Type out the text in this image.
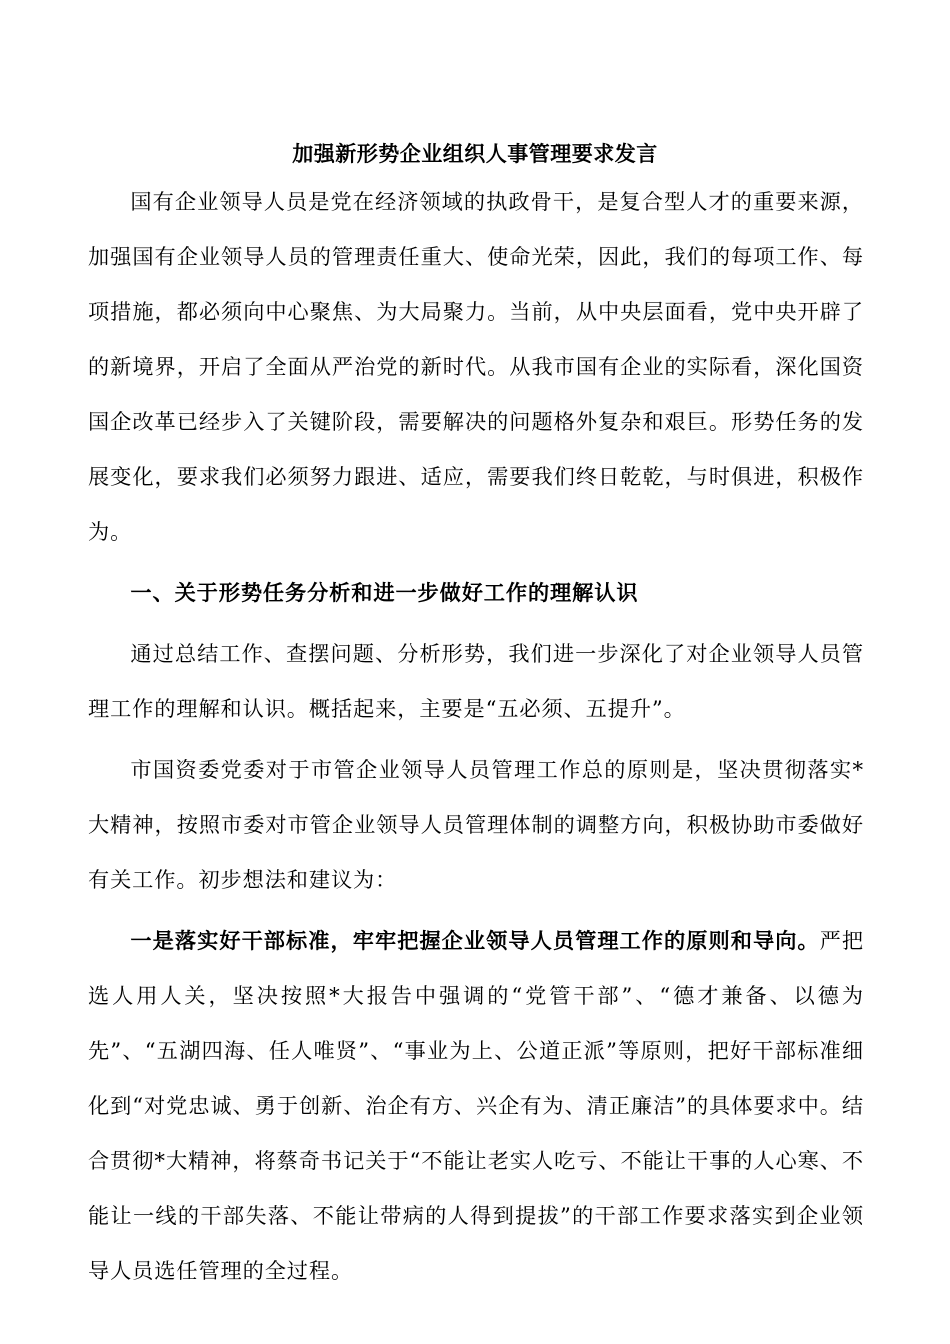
加强新形势企业组织人事管理要求发言

国有企业领导人员是党在经济领域的执政骨干，是复合型人才的重要来源，加强国有企业领导人员的管理责任重大、使命光荣，因此，我们的每项工作、每项措施，都必须向中心聚焦、为大局聚力。当前，从中央层面看，党中央开辟了的新境界，开启了全面从严治党的新时代。从我市国有企业的实际看，深化国资国企改革已经步入了关键阶段，需要解决的问题格外复杂和艰巨。形势任务的发展变化，要求我们必须努力跟进、适应，需要我们终日乾乾，与时俱进，积极作为。

一、关于形势任务分析和进一步做好工作的理解认识

通过总结工作、查摆问题、分析形势，我们进一步深化了对企业领导人员管理工作的理解和认识。概括起来，主要是“五必须、五提升”。

市国资委党委对于市管企业领导人员管理工作总的原则是，坚决贯彻落实*大精神，按照市委对市管企业领导人员管理体制的调整方向，积极协助市委做好有关工作。初步想法和建议为：

一是落实好干部标准，牢牢把握企业领导人员管理工作的原则和导向。严把选人用人关，坚决按照*大报告中强调的“党管干部”、“德才兼备、以德为先”、“五湖四海、任人唯贤”、“事业为上、公道正派”等原则，把好干部标准细化到“对党忠诚、勇于创新、治企有方、兴企有为、清正廉洁”的具体要求中。结合贯彻*大精神，将蔡奇书记关于“不能让老实人吃亏、不能让干事的人心寒、不能让一线的干部失落、不能让带病的人得到提拔”的干部工作要求落实到企业领导人员选任管理的全过程。
